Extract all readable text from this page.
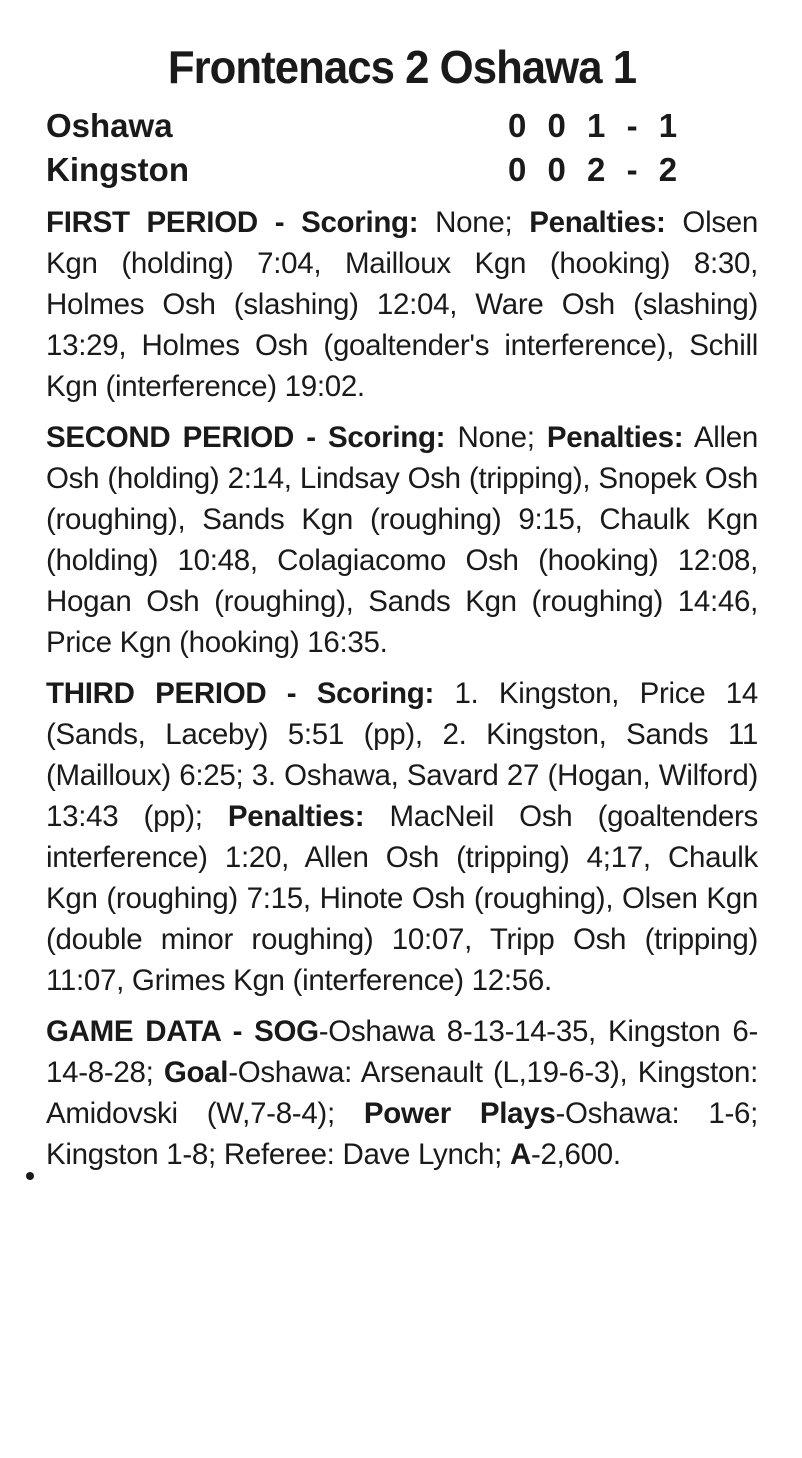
Frontenacs 2 Oshawa 1
Oshawa	0 0 1 - 1
Kingston	0 0 2 - 2
FIRST PERIOD - Scoring: None; Penalties: Olsen Kgn (holding) 7:04, Mailloux Kgn (hooking) 8:30, Holmes Osh (slashing) 12:04, Ware Osh (slashing) 13:29, Holmes Osh (goaltender's interference), Schill Kgn (interference) 19:02.
SECOND PERIOD - Scoring: None; Penalties: Allen Osh (holding) 2:14, Lindsay Osh (tripping), Snopek Osh (roughing), Sands Kgn (roughing) 9:15, Chaulk Kgn (holding) 10:48, Colagiacomo Osh (hooking) 12:08, Hogan Osh (roughing), Sands Kgn (roughing) 14:46, Price Kgn (hooking) 16:35.
THIRD PERIOD - Scoring: 1. Kingston, Price 14 (Sands, Laceby) 5:51 (pp), 2. Kingston, Sands 11 (Mailloux) 6:25; 3. Oshawa, Savard 27 (Hogan, Wilford) 13:43 (pp); Penalties: MacNeil Osh (goaltenders interference) 1:20, Allen Osh (tripping) 4;17, Chaulk Kgn (roughing) 7:15, Hinote Osh (roughing), Olsen Kgn (double minor roughing) 10:07, Tripp Osh (tripping) 11:07, Grimes Kgn (interference) 12:56.
GAME DATA - SOG-Oshawa 8-13-14-35, Kingston 6-14-8-28; Goal-Oshawa: Arsenault (L,19-6-3), Kingston: Amidovski (W,7-8-4); Power Plays-Oshawa: 1-6; Kingston 1-8; Referee: Dave Lynch; A-2,600.
